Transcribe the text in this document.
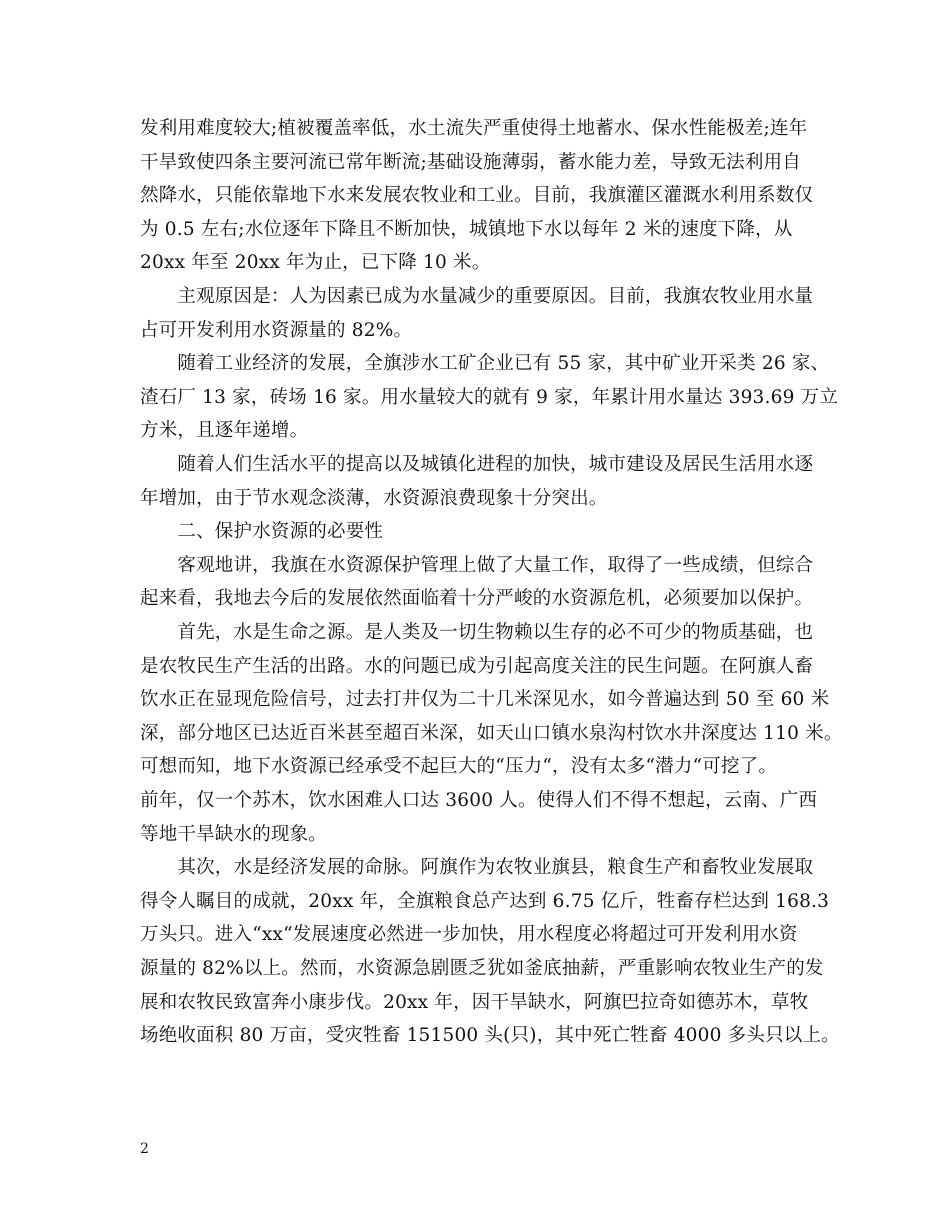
发利用难度较大;植被覆盖率低，水土流失严重使得土地蓄水、保水性能极差;连年
干旱致使四条主要河流已常年断流;基础设施薄弱，蓄水能力差，导致无法利用自
然降水，只能依靠地下水来发展农牧业和工业。目前，我旗灌区灌溉水利用系数仅
为 0.5 左右;水位逐年下降且不断加快，城镇地下水以每年 2 米的速度下降，从
20xx 年至 20xx 年为止，已下降 10 米。
　　主观原因是：人为因素已成为水量减少的重要原因。目前，我旗农牧业用水量
占可开发利用水资源量的 82%。
　　随着工业经济的发展，全旗涉水工矿企业已有 55 家，其中矿业开采类 26 家、
渣石厂 13 家，砖场 16 家。用水量较大的就有 9 家，年累计用水量达 393.69 万立
方米，且逐年递增。
　　随着人们生活水平的提高以及城镇化进程的加快，城市建设及居民生活用水逐
年增加，由于节水观念淡薄，水资源浪费现象十分突出。
　　二、保护水资源的必要性
　　客观地讲，我旗在水资源保护管理上做了大量工作，取得了一些成绩，但综合
起来看，我地去今后的发展依然面临着十分严峻的水资源危机，必须要加以保护。
　　首先，水是生命之源。是人类及一切生物赖以生存的必不可少的物质基础，也
是农牧民生产生活的出路。水的问题已成为引起高度关注的民生问题。在阿旗人畜
饮水正在显现危险信号，过去打井仅为二十几米深见水，如今普遍达到 50 至 60 米
深，部分地区已达近百米甚至超百米深，如天山口镇水泉沟村饮水井深度达 110 米。
可想而知，地下水资源已经承受不起巨大的“压力“，没有太多“潜力“可挖了。
前年，仅一个苏木，饮水困难人口达 3600 人。使得人们不得不想起，云南、广西
等地干旱缺水的现象。
　　其次，水是经济发展的命脉。阿旗作为农牧业旗县，粮食生产和畜牧业发展取
得令人瞩目的成就，20xx 年，全旗粮食总产达到 6.75 亿斤，牲畜存栏达到 168.3
万头只。进入“xx“发展速度必然进一步加快，用水程度必将超过可开发利用水资
源量的 82%以上。然而，水资源急剧匮乏犹如釜底抽薪，严重影响农牧业生产的发
展和农牧民致富奔小康步伐。20xx 年，因干旱缺水，阿旗巴拉奇如德苏木，草牧
场绝收面积 80 万亩，受灾牲畜 151500 头(只)，其中死亡牲畜 4000 多头只以上。
2
